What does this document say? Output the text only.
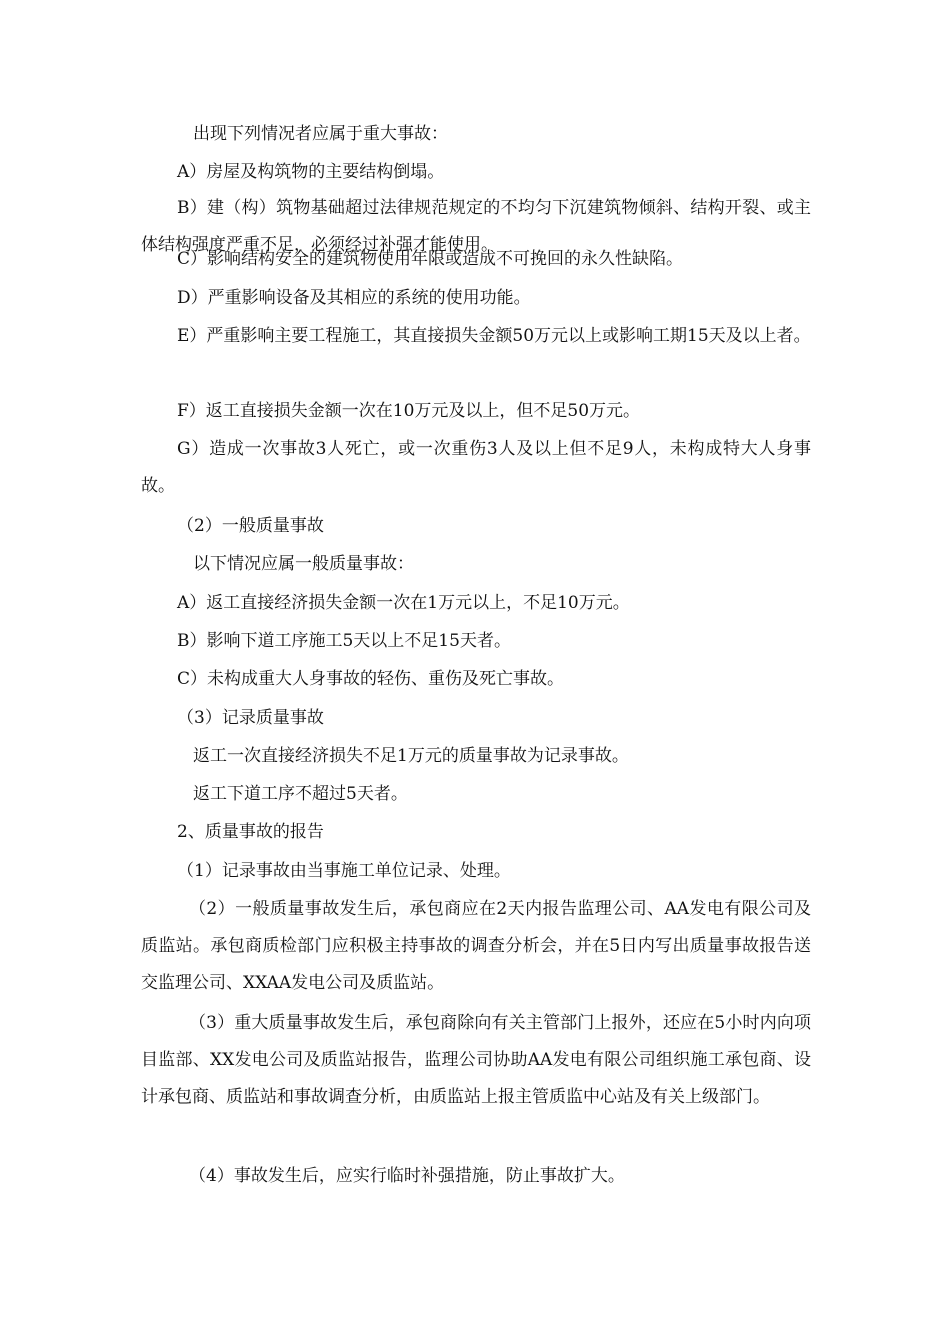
出现下列情况者应属于重大事故：

A）房屋及构筑物的主要结构倒塌。

B）建（构）筑物基础超过法律规范规定的不均匀下沉建筑物倾斜、结构开裂、或主体结构强度严重不足，必须经过补强才能使用。

C）影响结构安全的建筑物使用年限或造成不可挽回的永久性缺陷。

D）严重影响设备及其相应的系统的使用功能。

E）严重影响主要工程施工，其直接损失金额50万元以上或影响工期15天及以上者。

F）返工直接损失金额一次在10万元及以上，但不足50万元。

G）造成一次事故3人死亡，或一次重伤3人及以上但不足9人，未构成特大人身事故。

（2）一般质量事故

以下情况应属一般质量事故：

A）返工直接经济损失金额一次在1万元以上，不足10万元。

B）影响下道工序施工5天以上不足15天者。

C）未构成重大人身事故的轻伤、重伤及死亡事故。

（3）记录质量事故

返工一次直接经济损失不足1万元的质量事故为记录事故。

返工下道工序不超过5天者。

2、质量事故的报告

（1）记录事故由当事施工单位记录、处理。

（2）一般质量事故发生后，承包商应在2天内报告监理公司、AA发电有限公司及质监站。承包商质检部门应积极主持事故的调查分析会，并在5日内写出质量事故报告送交监理公司、XXAA发电公司及质监站。

（3）重大质量事故发生后，承包商除向有关主管部门上报外，还应在5小时内向项目监部、XX发电公司及质监站报告，监理公司协助AA发电有限公司组织施工承包商、设计承包商、质监站和事故调查分析，由质监站上报主管质监中心站及有关上级部门。

（4）事故发生后，应实行临时补强措施，防止事故扩大。
